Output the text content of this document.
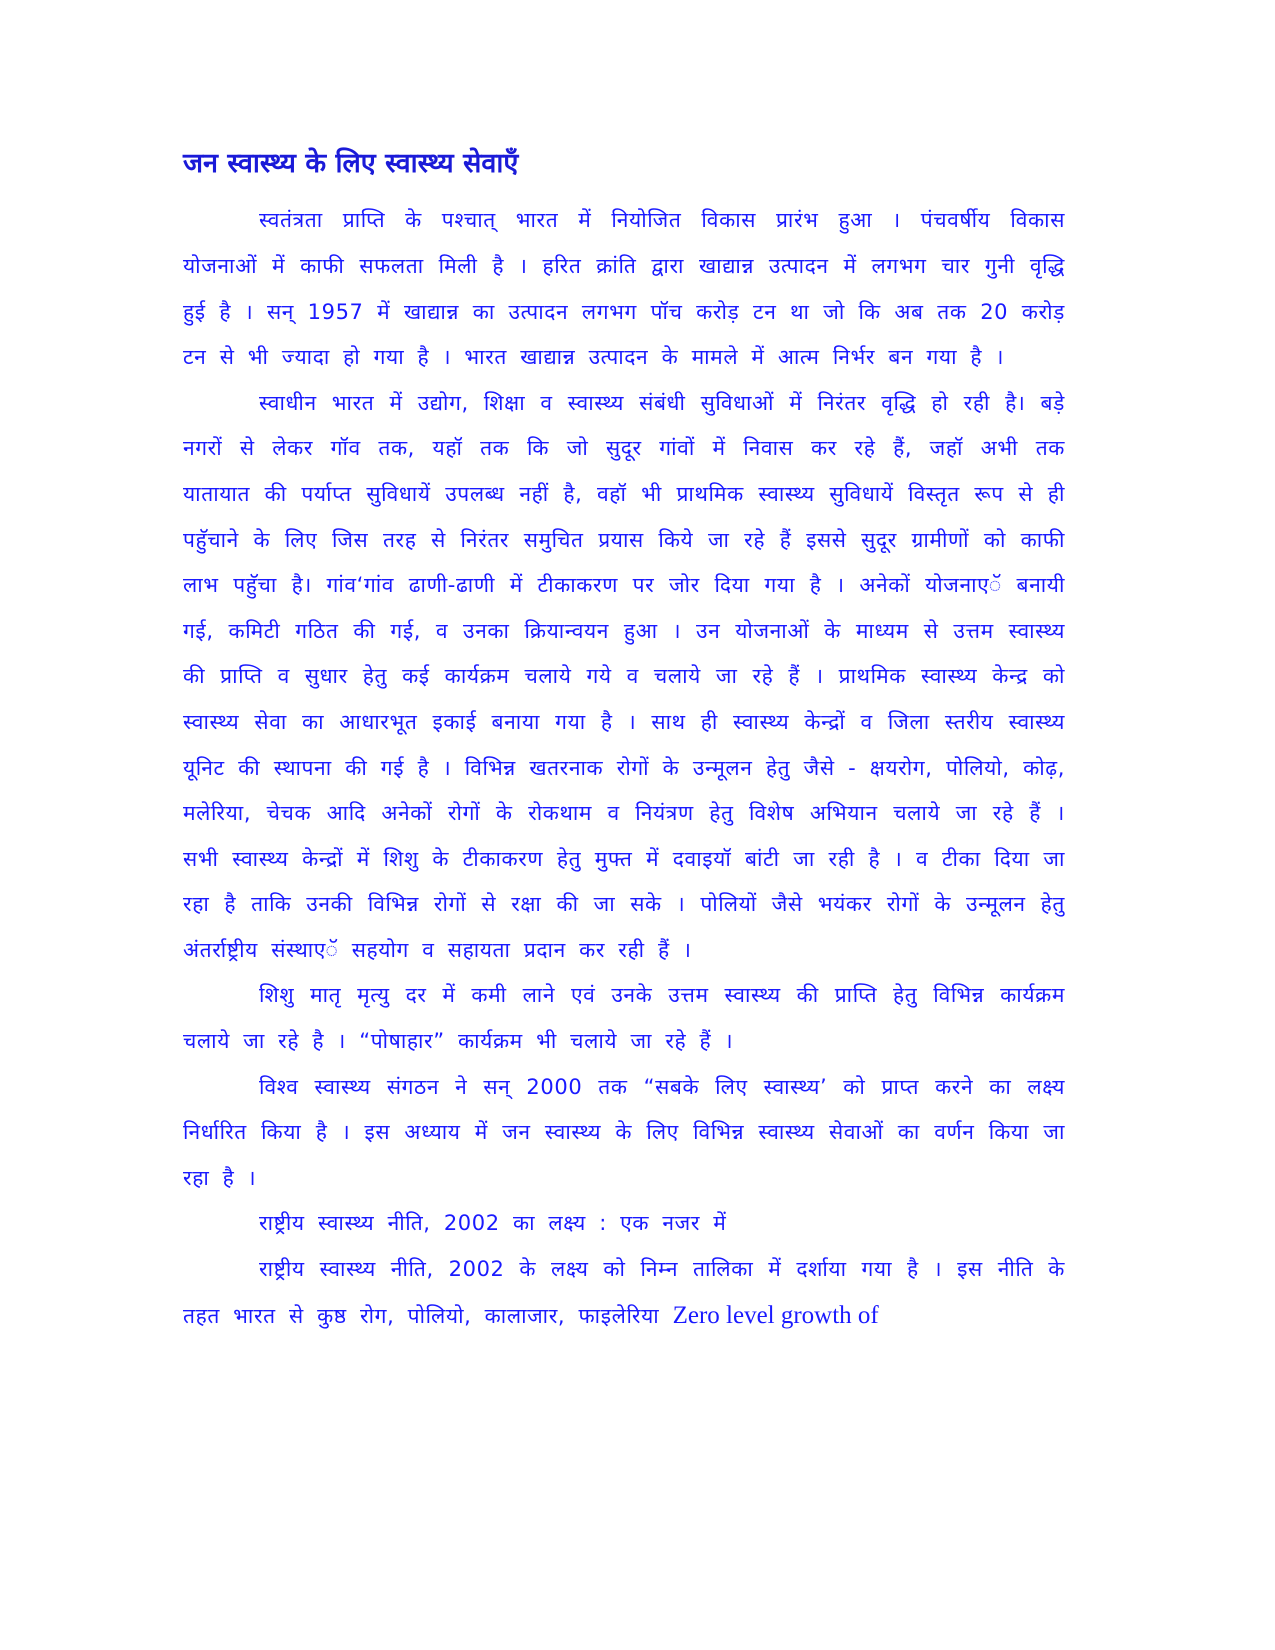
जन स्वास्थ्य के लिए स्वास्थ्य सेवाएँ

स्वतंत्रता प्राप्ति के पश्चात् भारत में नियोजित विकास प्रारंभ हुआ । पंचवर्षीय विकास योजनाओं में काफी सफलता मिली है । हरित क्रांति द्वारा खाद्यान्न उत्पादन में लगभग चार गुनी वृद्धि हुई है । सन् 1957 में खाद्यान्न का उत्पादन लगभग पॉच करोड़ टन था जो कि अब तक 20 करोड़ टन से भी ज्यादा हो गया है । भारत खाद्यान्न उत्पादन के मामले में आत्म निर्भर बन गया है ।

स्वाधीन भारत में उद्योग, शिक्षा व स्वास्थ्य संबंधी सुविधाओं में निरंतर वृद्धि हो रही है। बड़े नगरों से लेकर गॉव तक, यहॉ तक कि जो सुदूर गांवों में निवास कर रहे हैं, जहॉ अभी तक यातायात की पर्याप्त सुविधायें उपलब्ध नहीं है, वहॉ भी प्राथमिक स्वास्थ्य सुविधायें विस्तृत रूप से ही पहुॅचाने के लिए जिस तरह से निरंतर समुचित प्रयास किये जा रहे हैं इससे सुदूर ग्रामीणों को काफी लाभ पहुॅचा है। गांव‘गांव ढाणी-ढाणी में टीकाकरण पर जोर दिया गया है । अनेकों योजनाएॅ बनायी गई, कमिटी गठित की गई, व उनका क्रियान्वयन हुआ । उन योजनाओं के माध्यम से उत्तम स्वास्थ्य की प्राप्ति व सुधार हेतु कई कार्यक्रम चलाये गये व चलाये जा रहे हैं । प्राथमिक स्वास्थ्य केन्द्र को स्वास्थ्य सेवा का आधारभूत इकाई बनाया गया है । साथ ही स्वास्थ्य केन्द्रों व जिला स्तरीय स्वास्थ्य यूनिट की स्थापना की गई है । विभिन्न खतरनाक रोगों के उन्मूलन हेतु जैसे - क्षयरोग, पोलियो, कोढ़, मलेरिया, चेचक आदि अनेकों रोगों के रोकथाम व नियंत्रण हेतु विशेष अभियान चलाये जा रहे हैं । सभी स्वास्थ्य केन्द्रों में शिशु के टीकाकरण हेतु मुफ्त में दवाइयॉ बांटी जा रही है । व टीका दिया जा रहा है ताकि उनकी विभिन्न रोगों से रक्षा की जा सके । पोलियों जैसे भयंकर रोगों के उन्मूलन हेतु अंतर्राष्ट्रीय संस्थाएॅ सहयोग व सहायता प्रदान कर रही हैं ।

शिशु मातृ मृत्यु दर में कमी लाने एवं उनके उत्तम स्वास्थ्य की प्राप्ति हेतु विभिन्न कार्यक्रम चलाये जा रहे है । “पोषाहार” कार्यक्रम भी चलाये जा रहे हैं ।

विश्व स्वास्थ्य संगठन ने सन् 2000 तक “सबके लिए स्वास्थ्य’ को प्राप्त करने का लक्ष्य निर्धारित किया है । इस अध्याय में जन स्वास्थ्य के लिए विभिन्न स्वास्थ्य सेवाओं का वर्णन किया जा रहा है ।

राष्ट्रीय स्वास्थ्य नीति, 2002 का लक्ष्य : एक नजर में

राष्ट्रीय स्वास्थ्य नीति, 2002 के लक्ष्य को निम्न तालिका में दर्शाया गया है । इस नीति के तहत भारत से कुष्ठ रोग, पोलियो, कालाजार, फाइलेरिया Zero level growth of
